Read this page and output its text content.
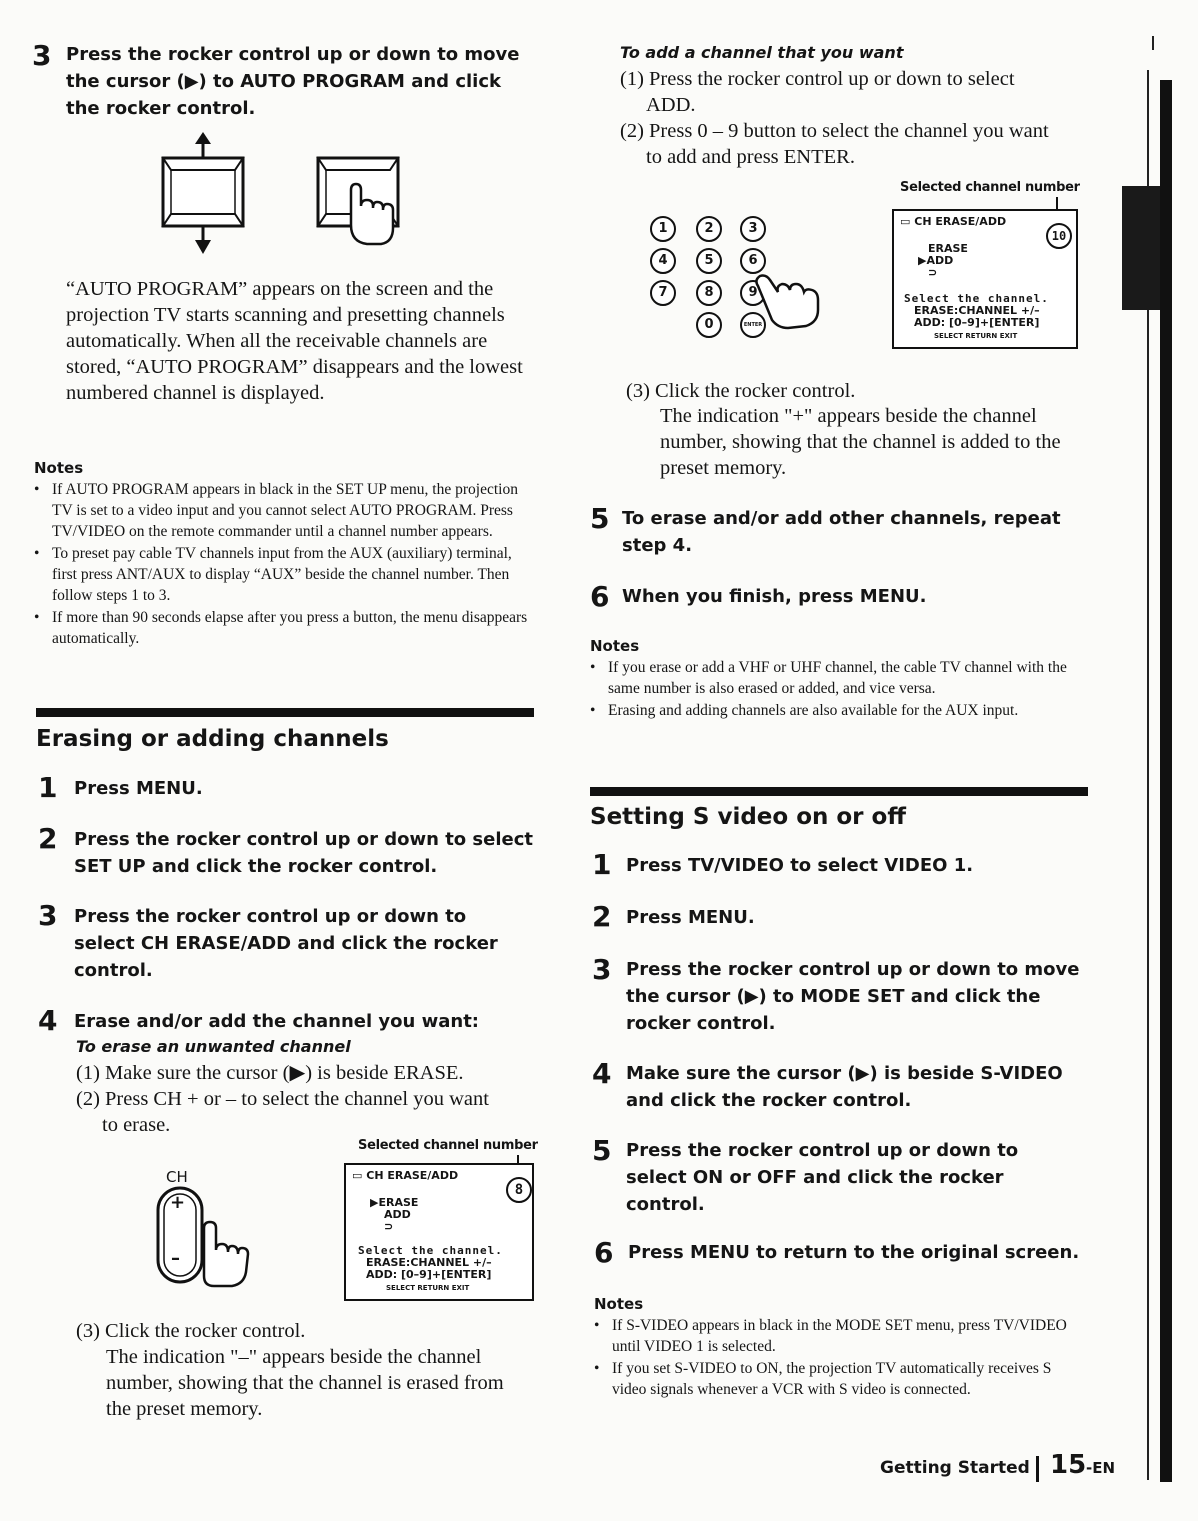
3 Press the rocker control up or down to move the cursor (▶) to AUTO PROGRAM and click the rocker control.
“AUTO PROGRAM” appears on the screen and the projection TV starts scanning and presetting channels automatically. When all the receivable channels are stored, “AUTO PROGRAM” disappears and the lowest numbered channel is displayed.
Notes
• If AUTO PROGRAM appears in black in the SET UP menu, the projection TV is set to a video input and you cannot select AUTO PROGRAM. Press TV/VIDEO on the remote commander until a channel number appears.
• To preset pay cable TV channels input from the AUX (auxiliary) terminal, first press ANT/AUX to display “AUX” beside the channel number. Then follow steps 1 to 3.
• If more than 90 seconds elapse after you press a button, the menu disappears automatically.
Erasing or adding channels
1 Press MENU.
2 Press the rocker control up or down to select SET UP and click the rocker control.
3 Press the rocker control up or down to select CH ERASE/ADD and click the rocker control.
4 Erase and/or add the channel you want:
To erase an unwanted channel
(1) Make sure the cursor (▶) is beside ERASE.
(2) Press CH + or – to select the channel you want
to erase.
CH
+
–
Selected channel number
▭ CH ERASE/ADD
8
▶ERASE
ADD
⊃
Select the channel.
ERASE:CHANNEL +/–
ADD: [0–9]+[ENTER]
SELECT RETURN EXIT
(3) Click the rocker control.
The indication "–" appears beside the channel number, showing that the channel is erased from the preset memory.
To add a channel that you want
(1) Press the rocker control up or down to select
ADD.
(2) Press 0 – 9 button to select the channel you want
to add and press ENTER.
1	2	3
4	5	6
7	8	9
0	ENTER
Selected channel number
▭ CH ERASE/ADD
10
ERASE
▶ADD
⊃
Select the channel.
ERASE:CHANNEL +/–
ADD: [0–9]+[ENTER]
SELECT RETURN EXIT
(3) Click the rocker control.
The indication "+" appears beside the channel number, showing that the channel is added to the preset memory.
5 To erase and/or add other channels, repeat step 4.
6 When you finish, press MENU.
Notes
• If you erase or add a VHF or UHF channel, the cable TV channel with the same number is also erased or added, and vice versa.
• Erasing and adding channels are also available for the AUX input.
Setting S video on or off
1 Press TV/VIDEO to select VIDEO 1.
2 Press MENU.
3 Press the rocker control up or down to move the cursor (▶) to MODE SET and click the rocker control.
4 Make sure the cursor (▶) is beside S-VIDEO and click the rocker control.
5 Press the rocker control up or down to select ON or OFF and click the rocker control.
6 Press MENU to return to the original screen.
Notes
• If S-VIDEO appears in black in the MODE SET menu, press TV/VIDEO until VIDEO 1 is selected.
• If you set S-VIDEO to ON, the projection TV automatically receives S video signals whenever a VCR with S video is connected.
Getting Started 15 -EN
